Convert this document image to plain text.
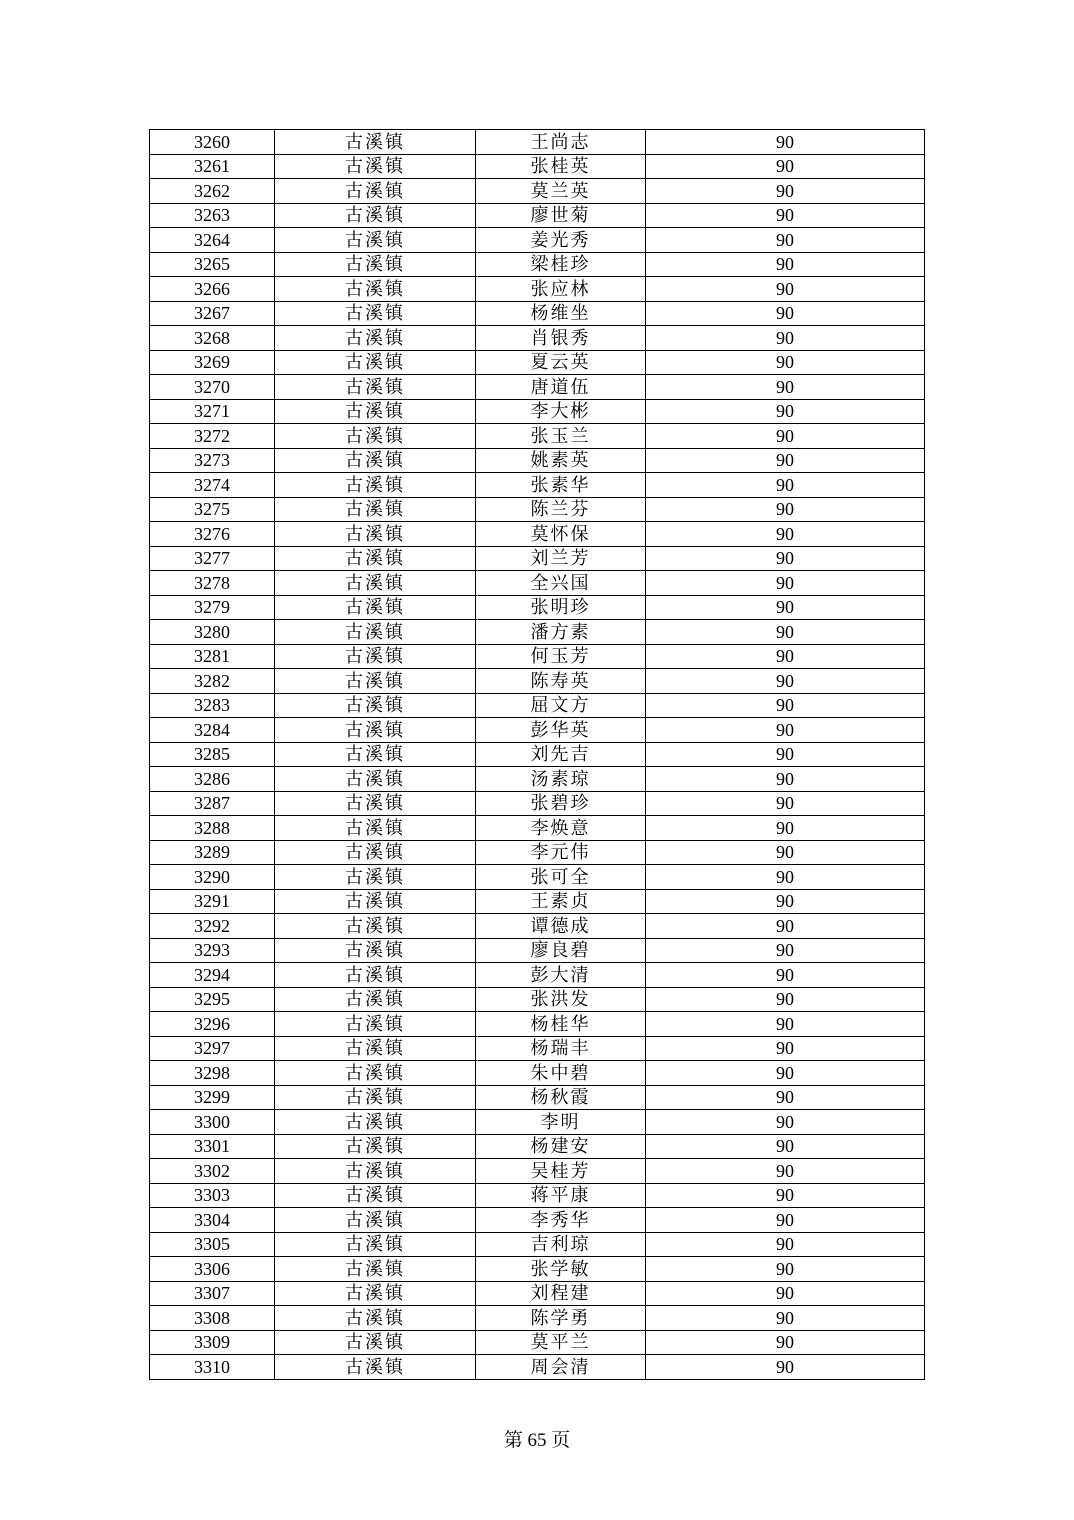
3260	古溪镇	王尚志	90
3261	古溪镇	张桂英	90
3262	古溪镇	莫兰英	90
3263	古溪镇	廖世菊	90
3264	古溪镇	姜光秀	90
3265	古溪镇	梁桂珍	90
3266	古溪镇	张应林	90
3267	古溪镇	杨维坐	90
3268	古溪镇	肖银秀	90
3269	古溪镇	夏云英	90
3270	古溪镇	唐道伍	90
3271	古溪镇	李大彬	90
3272	古溪镇	张玉兰	90
3273	古溪镇	姚素英	90
3274	古溪镇	张素华	90
3275	古溪镇	陈兰芬	90
3276	古溪镇	莫怀保	90
3277	古溪镇	刘兰芳	90
3278	古溪镇	全兴国	90
3279	古溪镇	张明珍	90
3280	古溪镇	潘方素	90
3281	古溪镇	何玉芳	90
3282	古溪镇	陈寿英	90
3283	古溪镇	屈文方	90
3284	古溪镇	彭华英	90
3285	古溪镇	刘先吉	90
3286	古溪镇	汤素琼	90
3287	古溪镇	张碧珍	90
3288	古溪镇	李焕意	90
3289	古溪镇	李元伟	90
3290	古溪镇	张可全	90
3291	古溪镇	王素贞	90
3292	古溪镇	谭德成	90
3293	古溪镇	廖良碧	90
3294	古溪镇	彭大清	90
3295	古溪镇	张洪发	90
3296	古溪镇	杨桂华	90
3297	古溪镇	杨瑞丰	90
3298	古溪镇	朱中碧	90
3299	古溪镇	杨秋霞	90
3300	古溪镇	李明	90
3301	古溪镇	杨建安	90
3302	古溪镇	吴桂芳	90
3303	古溪镇	蒋平康	90
3304	古溪镇	李秀华	90
3305	古溪镇	吉利琼	90
3306	古溪镇	张学敏	90
3307	古溪镇	刘程建	90
3308	古溪镇	陈学勇	90
3309	古溪镇	莫平兰	90
3310	古溪镇	周会清	90
第 65 页
